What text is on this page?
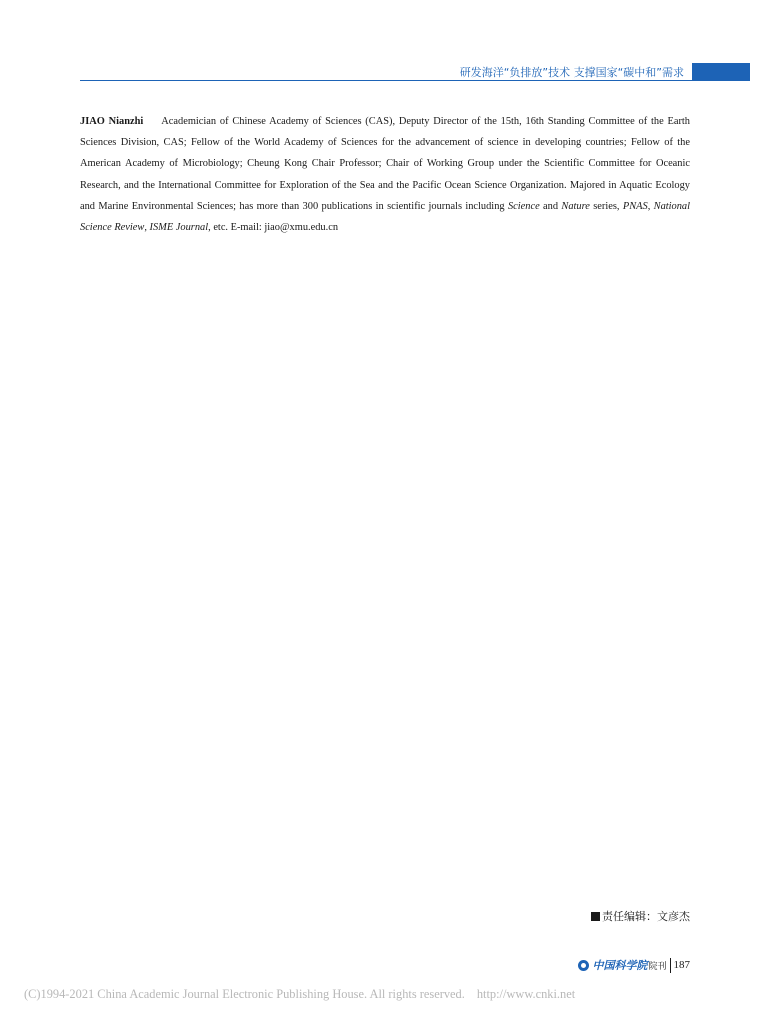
研发海洋“负排放”技术 支撑国家“碳中和”需求
JIAO Nianzhi Academician of Chinese Academy of Sciences (CAS), Deputy Director of the 15th, 16th Standing Committee of the Earth Sciences Division, CAS; Fellow of the World Academy of Sciences for the advancement of science in developing countries; Fellow of the American Academy of Microbiology; Cheung Kong Chair Professor; Chair of Working Group under the Scientific Committee for Oceanic Research, and the International Committee for Exploration of the Sea and the Pacific Ocean Science Organization. Majored in Aquatic Ecology and Marine Environmental Sciences; has more than 300 publications in scientific journals including Science and Nature series, PNAS, National Science Review, ISME Journal, etc. E-mail: jiao@xmu.edu.cn
责任编辑：文彦杰
中国科学院 院刊 187
(C)1994-2021 China Academic Journal Electronic Publishing House. All rights reserved. http://www.cnki.net
